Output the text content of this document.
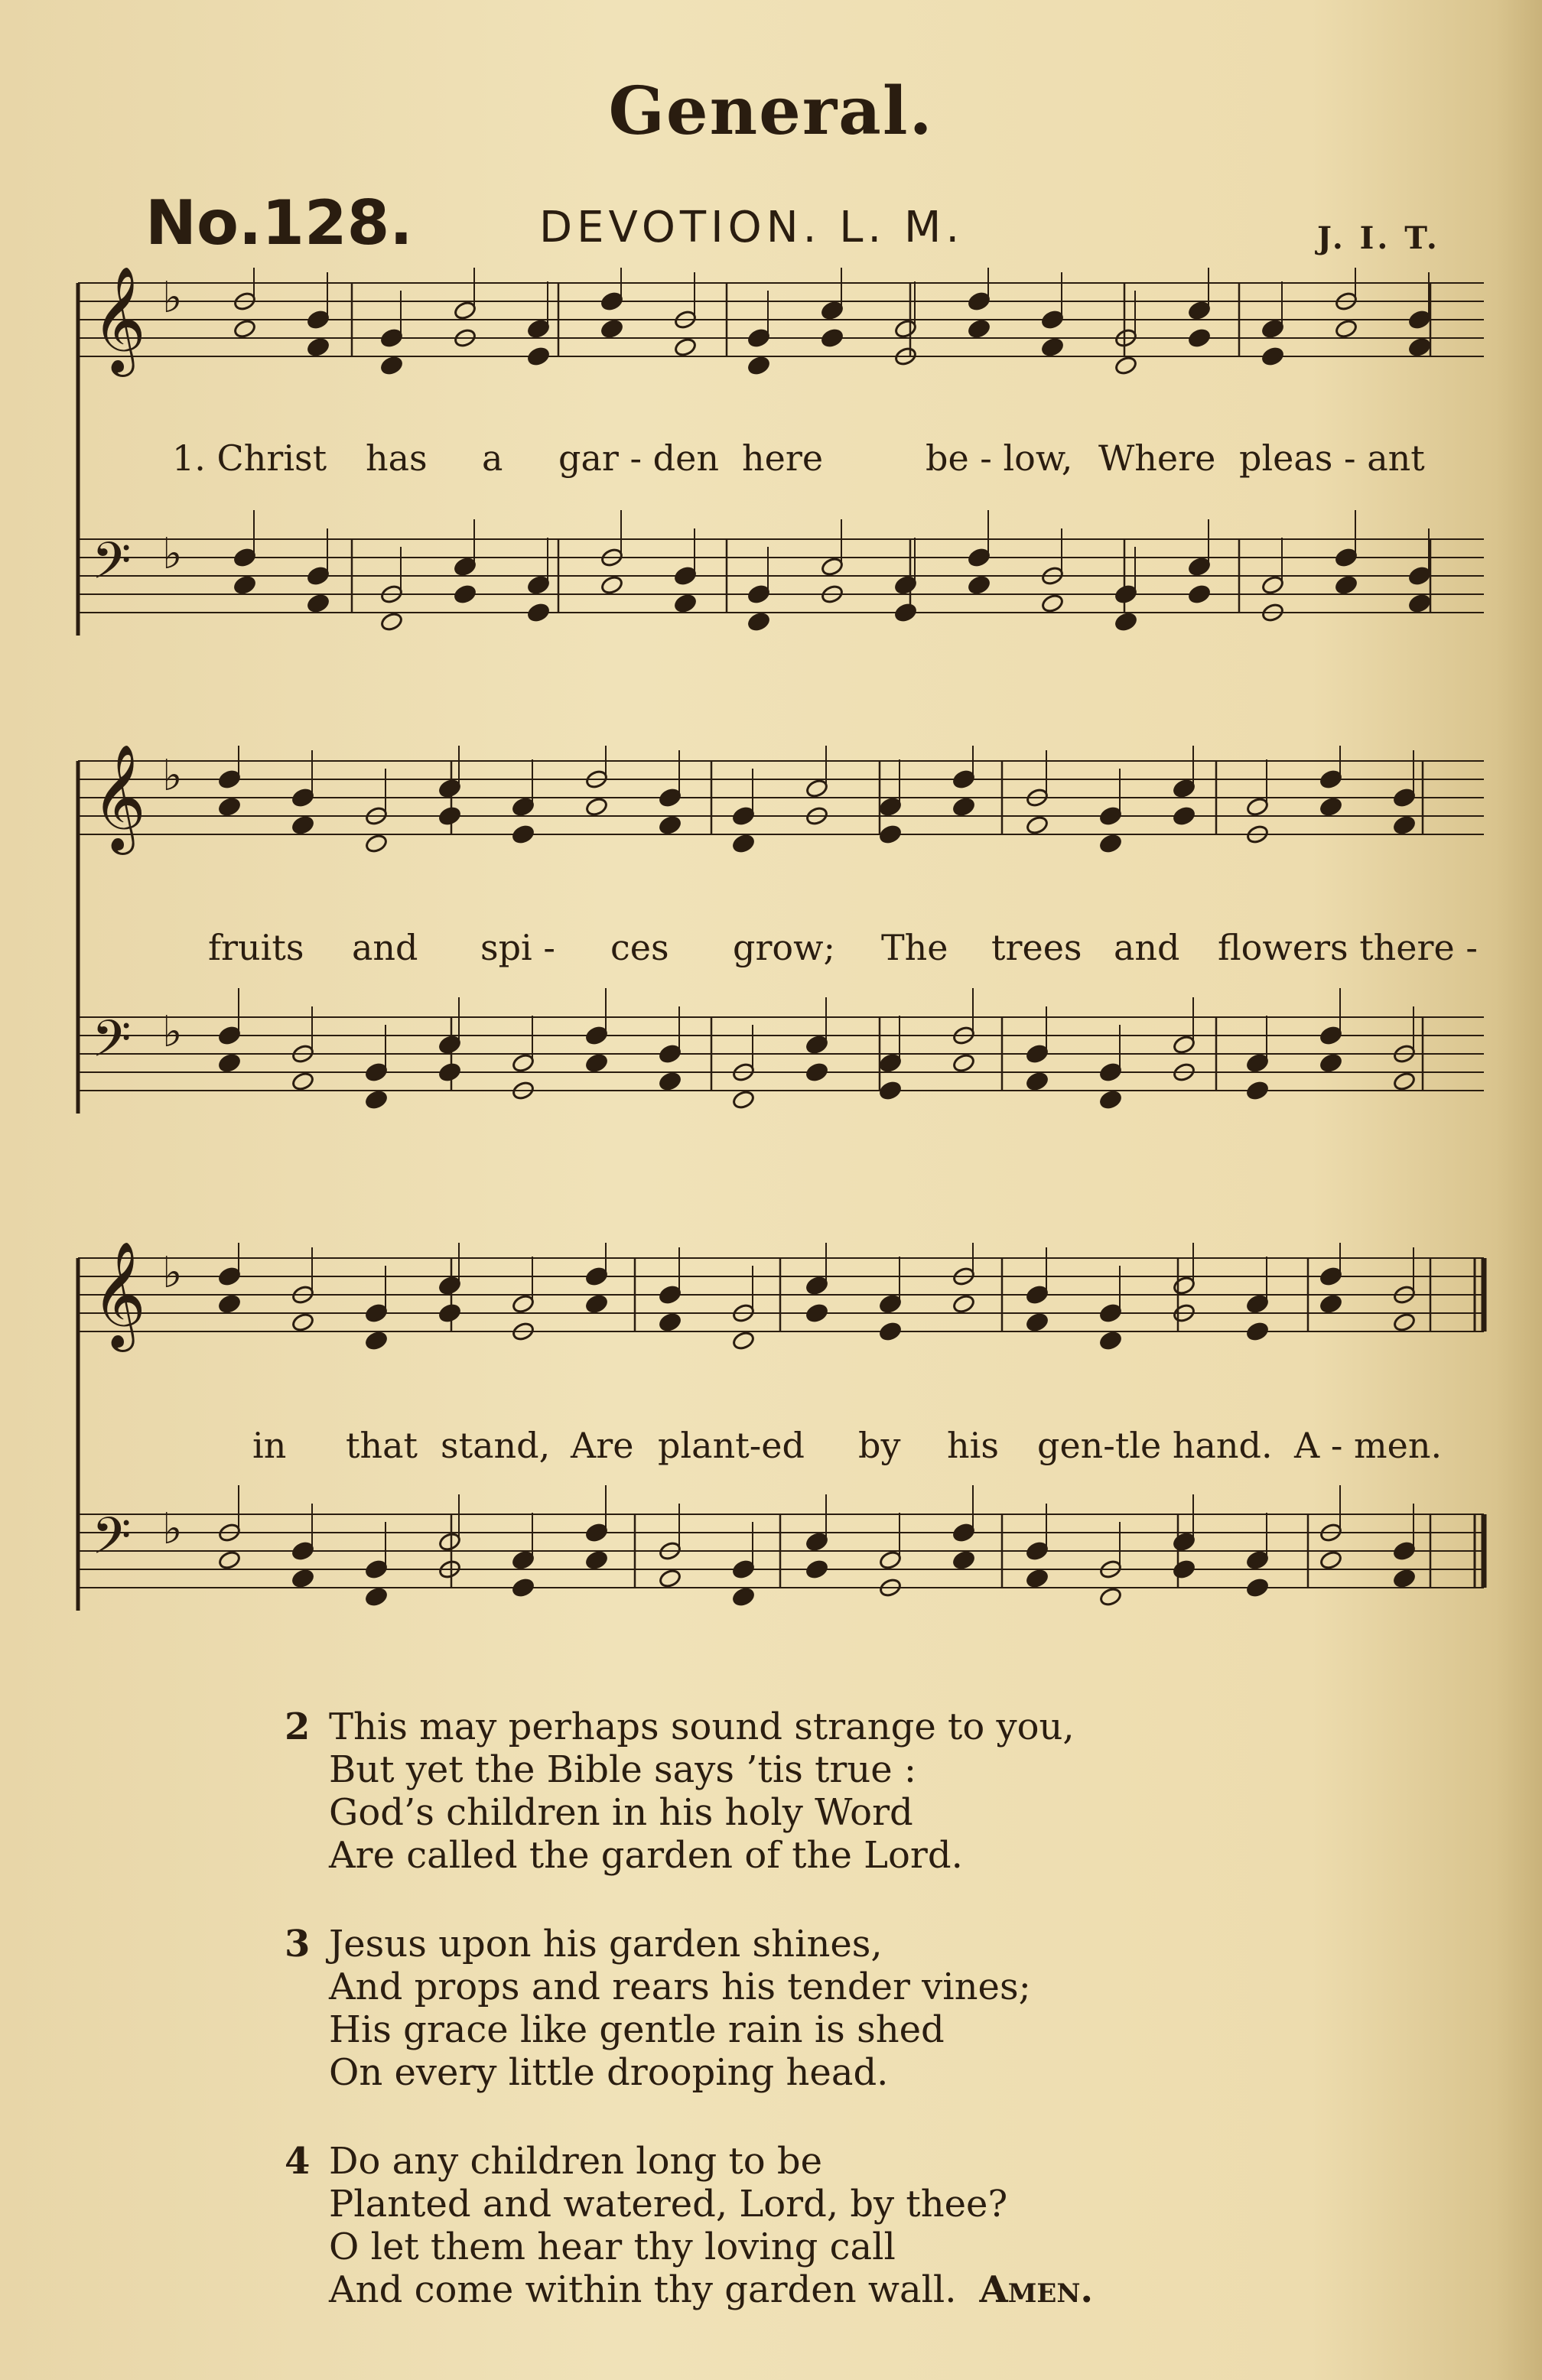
General.
No.128.	DEVOTION. L. M.	J. I. T.
𝄞 ♭
𝄢 ♭
1. Christ has a gar - den here	be - low, Where pleas - ant
𝄞 ♭
𝄢 ♭
fruits and spi - ces grow; The trees and flowers there -
𝄞 ♭
𝄢 ♭
in that stand, Are plant-ed by his gen-tle hand. A - men.
2 This may perhaps sound strange to you,
But yet the Bible says ’tis true :
God’s children in his holy Word
Are called the garden of the Lord.
3 Jesus upon his garden shines,
And props and rears his tender vines;
His grace like gentle rain is shed
On every little drooping head.
4 Do any children long to be
Planted and watered, Lord, by thee?
O let them hear thy loving call
And come within thy garden wall. Amen.
